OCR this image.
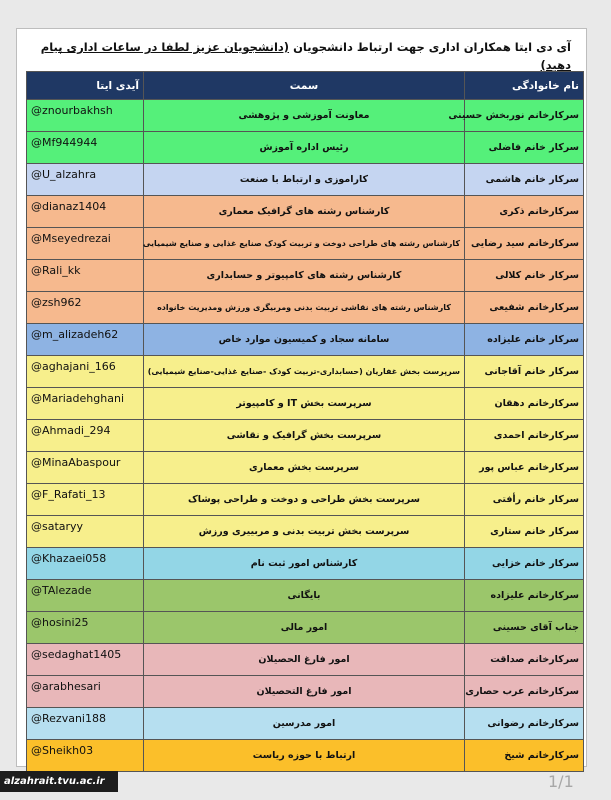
آی دی ایتا همکاران اداری جهت ارتباط دانشجویان (دانشجویان عزیز لطفا در ساعات اداری پیام دهید)
نام خانوادگی	سمت	آیدی ایتا
سرکارخانم نوربخش حسینی	معاونت آموزشی و پژوهشی	@znourbakhsh
سرکار خانم فاضلی	رئیس اداره آموزش	@Mf944944
سرکار خانم هاشمی	کاراموزی و ارتباط با صنعت	@U_alzahra
سرکارخانم ذکری	کارشناس رشته های گرافیک معماری	@dianaz1404
سرکارخانم سید رضایی	کارشناس رشته های طراحی دوخت و تربیت کودک صنایع غذایی و صنایع شیمیایی	@Mseyedrezai
سرکار خانم کلالی	کارشناس رشته های کامپیوتر و حسابداری	@Rali_kk
سرکارخانم شفیعی	کارشناس رشته های نقاشی تربیت بدنی ومربیگری ورزش ومدیریت خانواده	@zsh962
سرکار خانم علیزاده	سامانه سجاد و کمیسیون موارد خاص	@m_alizadeh62
سرکار خانم آقاجانی	سرپرست بخش غفاریان (حسابداری-تربیت کودک -صنایع غذایی-صنایع شیمیایی)	@aghajani_166
سرکارخانم دهقان	سرپرست بخش IT و کامپیوتر	@Mariadehghani
سرکارخانم احمدی	سرپرست بخش گرافیک و نقاشی	@Ahmadi_294
سرکارخانم عباس پور	سرپرست بخش معماری	@MinaAbaspour
سرکار خانم رأفتی	سرپرست بخش طراحی و دوخت و طراحی پوشاک	@F_Rafati_13
سرکار خانم ستاری	سرپرست بخش تربیت بدنی و مربییری ورزش	@sataryy
سرکار خانم خزایی	کارشناس امور ثبت نام	@Khazaei058
سرکارخانم علیزاده	بایگانی	@TAlezade
جناب آقای حسینی	امور مالی	@hosini25
سرکارخانم صداقت	امور فارغ الحصیلان	@sedaghat1405
سرکارخانم عرب حصاری	امور فارغ التحصیلان	@arabhesari
سرکارخانم رضوانی	امور مدرسین	@Rezvani188
سرکارخانم شیخ	ارتباط با حوزه ریاست	@Sheikh03
alzahrait.tvu.ac.ir	1/1
